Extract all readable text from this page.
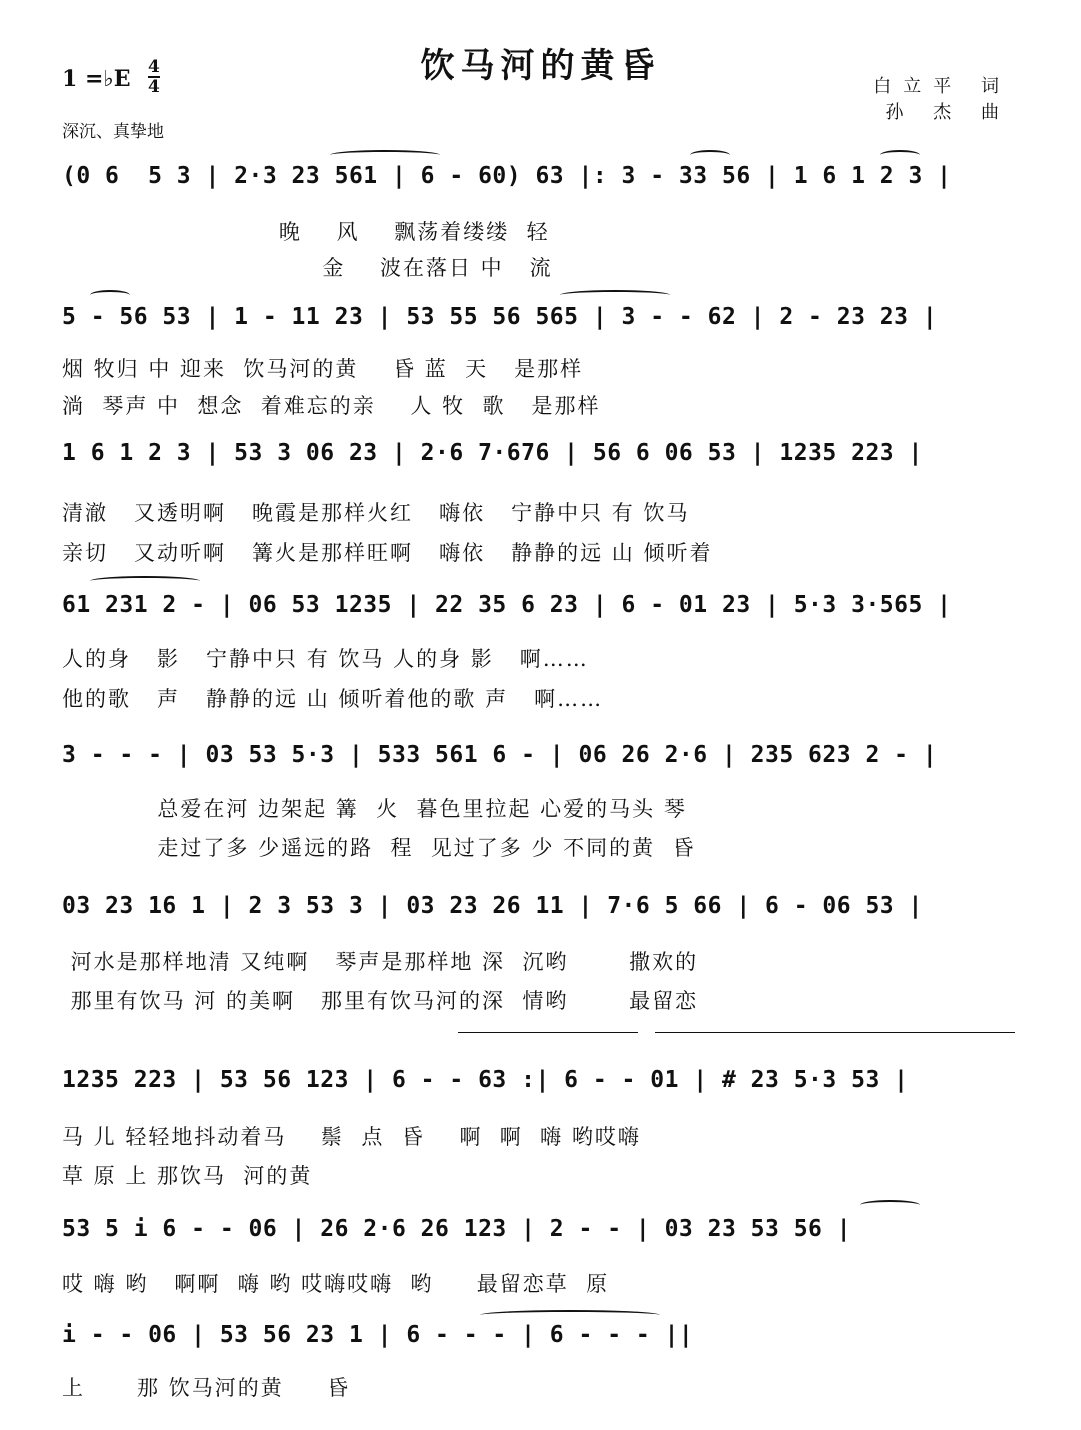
饮马河的黄昏
1 =♭E 4
4
深沉、真挚地
白立平 词
孙 杰 曲
(0 6  5 3 | 2·3 23 561 | 6 - 60) 63 |: 3 - 33 56 | 1 6 1 2 3 |
晚    风    飘荡着缕缕  轻
金    波在落日 中   流
5 - 56 53 | 1 - 11 23 | 53 55 56 565 | 3 - - 62 | 2 - 23 23 |
烟 牧归 中 迎来  饮马河的黄    昏 蓝  天   是那样
淌  琴声 中  想念  着难忘的亲    人 牧  歌   是那样
1 6 1 2 3 | 53 3 06 23 | 2·6 7·676 | 56 6 06 53 | 1235 223 |
清澈   又透明啊   晚霞是那样火红   嗨依   宁静中只 有 饮马
亲切   又动听啊   篝火是那样旺啊   嗨依   静静的远 山 倾听着
61 231 2 - | 06 53 1235 | 22 35 6 23 | 6 - 01 23 | 5·3 3·565 |
人的身   影   宁静中只 有 饮马 人的身 影   啊……
他的歌   声   静静的远 山 倾听着他的歌 声   啊……
3 - - - | 03 53 5·3 | 533 561 6 - | 06 26 2·6 | 235 623 2 - |
总爱在河 边架起 篝  火  暮色里拉起 心爱的马头 琴
走过了多 少遥远的路  程  见过了多 少 不同的黄  昏
03 23 16 1 | 2 3 53 3 | 03 23 26 11 | 7·6 5 66 | 6 - 06 53 |
河水是那样地清 又纯啊   琴声是那样地 深  沉哟       撒欢的
那里有饮马 河 的美啊   那里有饮马河的深  情哟       最留恋
1235 223 | 53 56 123 | 6 - - 63 :| 6 - - 01 | # 23 5·3 53 |
马 儿 轻轻地抖动着马    鬃  点  昏    啊  啊  嗨 哟哎嗨
草 原 上 那饮马  河的黄
53 5 i 6 - - 06 | 26 2·6 26 123 | 2 - - | 03 23 53 56 |
哎 嗨 哟   啊啊  嗨 哟 哎嗨哎嗨  哟     最留恋草  原
i - - 06 | 53 56 23 1 | 6 - - - | 6 - - - ||
上      那 饮马河的黄     昏
